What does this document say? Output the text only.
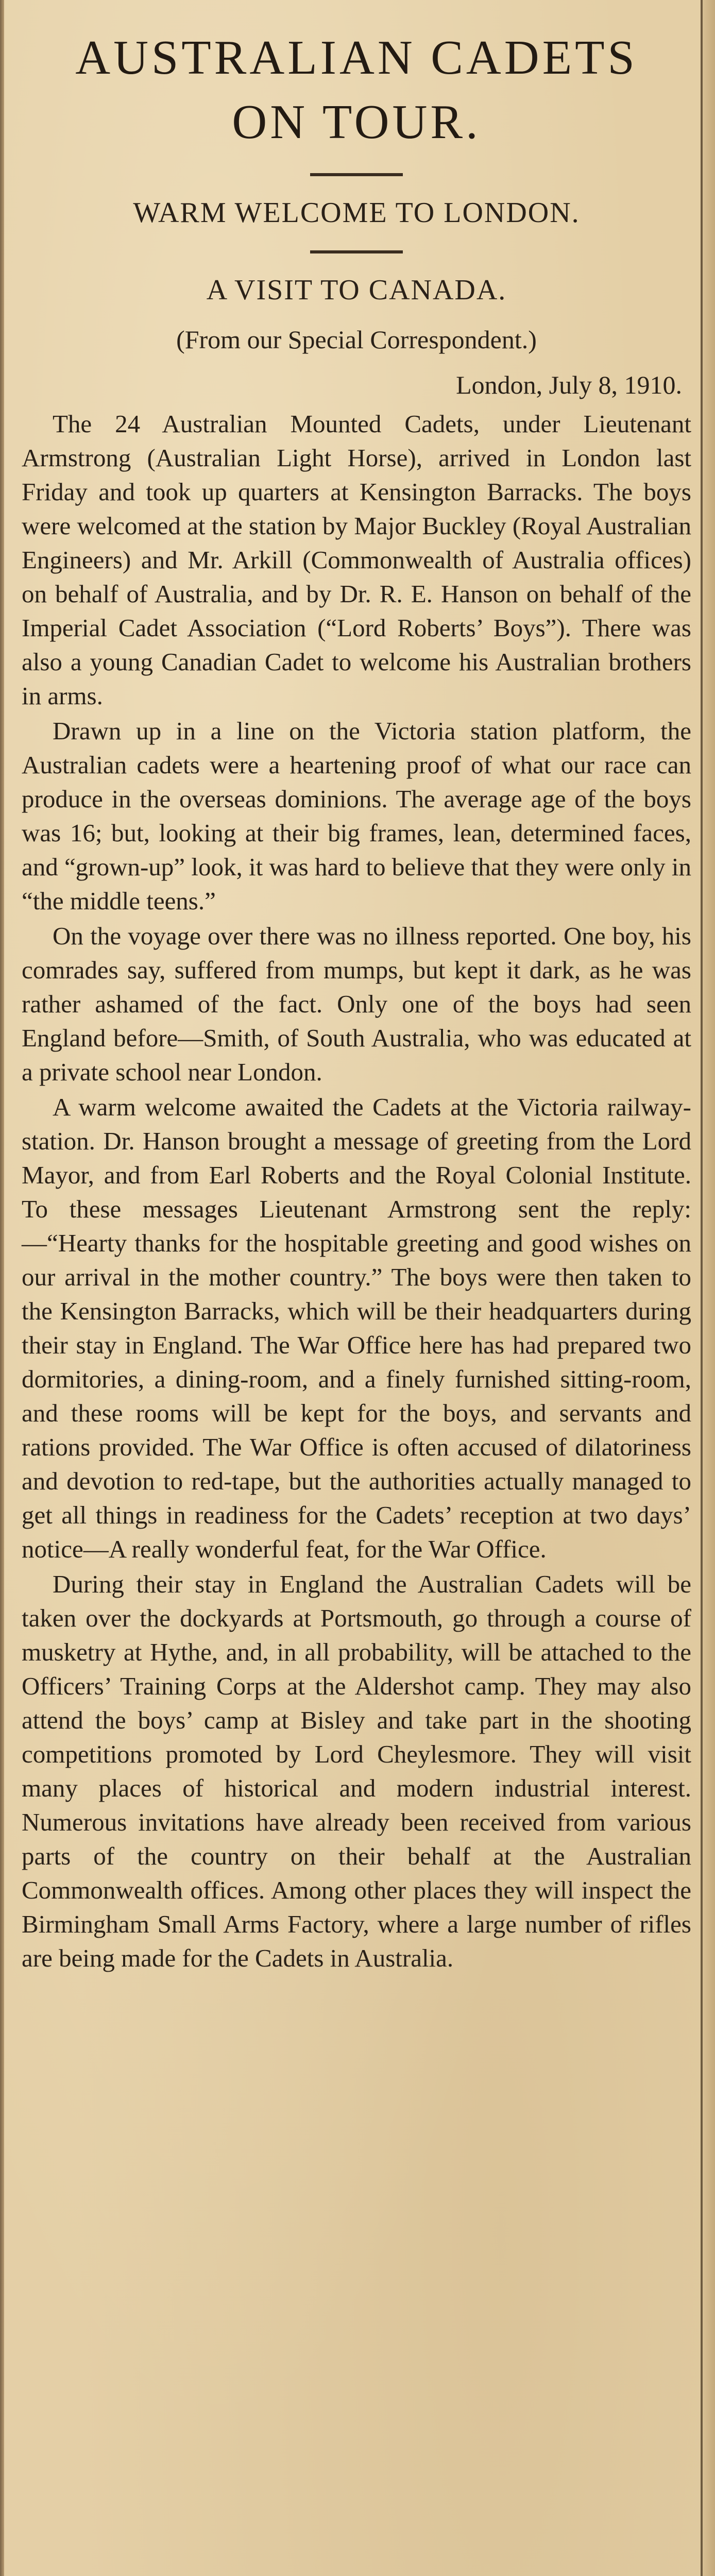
AUSTRALIAN CADETS
ON TOUR.
WARM WELCOME TO LONDON.
A VISIT TO CANADA.

(From our Special Correspondent.)

London, July 8, 1910.

The 24 Australian Mounted Cadets, under Lieutenant Armstrong (Australian Light Horse), arrived in London last Friday and took up quarters at Kensington Barracks. The boys were welcomed at the station by Major Buckley (Royal Australian Engineers) and Mr. Arkill (Commonwealth of Australia offices) on behalf of Australia, and by Dr. R. E. Hanson on behalf of the Imperial Cadet Association (“Lord Roberts’ Boys”). There was also a young Canadian Cadet to welcome his Australian brothers in arms.

Drawn up in a line on the Victoria station platform, the Australian cadets were a heartening proof of what our race can produce in the overseas dominions. The average age of the boys was 16; but, looking at their big frames, lean, determined faces, and “grown-up” look, it was hard to believe that they were only in “the middle teens.”

On the voyage over there was no illness reported. One boy, his comrades say, suffered from mumps, but kept it dark, as he was rather ashamed of the fact. Only one of the boys had seen England before—Smith, of South Australia, who was educated at a private school near London.

A warm welcome awaited the Cadets at the Victoria railway-station. Dr. Hanson brought a message of greeting from the Lord Mayor, and from Earl Roberts and the Royal Colonial Institute. To these messages Lieutenant Armstrong sent the reply: —“Hearty thanks for the hospitable greeting and good wishes on our arrival in the mother country.” The boys were then taken to the Kensington Barracks, which will be their headquarters during their stay in England. The War Office here has had prepared two dormitories, a dining-room, and a finely furnished sitting-room, and these rooms will be kept for the boys, and servants and rations provided. The War Office is often accused of dilatoriness and devotion to red-tape, but the authorities actually managed to get all things in readiness for the Cadets’ reception at two days’ notice—A really wonderful feat, for the War Office.

During their stay in England the Australian Cadets will be taken over the dockyards at Portsmouth, go through a course of musketry at Hythe, and, in all probability, will be attached to the Officers’ Training Corps at the Aldershot camp. They may also attend the boys’ camp at Bisley and take part in the shooting competitions promoted by Lord Cheylesmore. They will visit many places of historical and modern industrial interest. Numerous invitations have already been received from various parts of the country on their behalf at the Australian Commonwealth offices. Among other places they will inspect the Birmingham Small Arms Factory, where a large number of rifles are being made for the Cadets in Australia.
